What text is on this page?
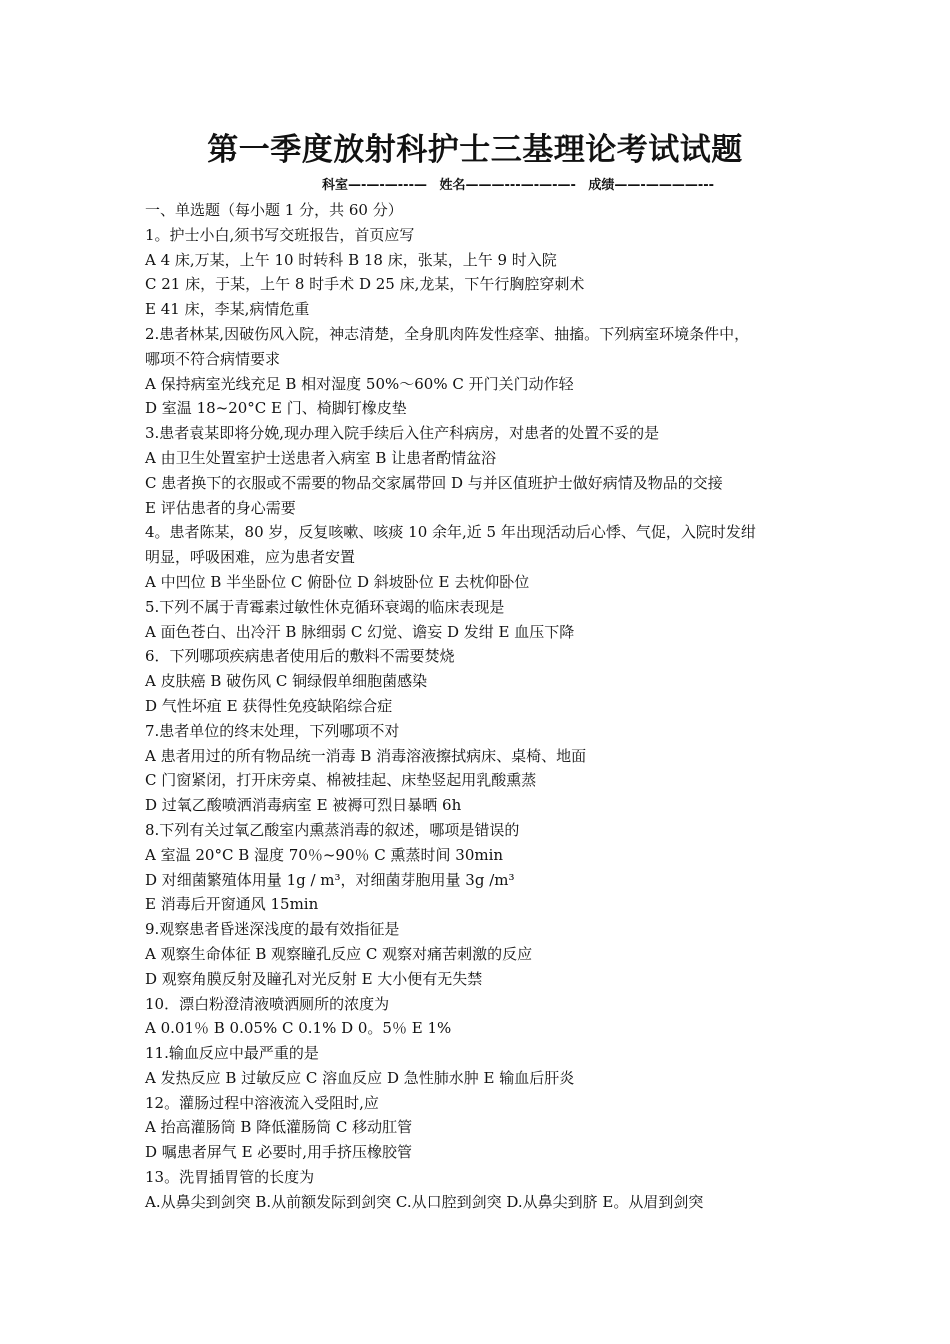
第一季度放射科护士三基理论考试试题
科室—-—-—---— 姓名———---—-—-—- 成绩——-————---
一、单选题（每小题 1 分，共 60 分）
1。护士小白,须书写交班报告，首页应写
A 4 床,万某，上午 10 时转科 B 18 床，张某，上午 9 时入院
C 21 床，于某，上午 8 时手术 D 25 床,龙某，下午行胸腔穿刺术
E 41 床，李某,病情危重
2.患者林某,因破伤风入院，神志清楚，全身肌肉阵发性痉挛、抽搐。下列病室环境条件中，
哪项不符合病情要求
A 保持病室光线充足 B 相对湿度 50%～60% C 开门关门动作轻
D 室温 18~20°C E 门、椅脚钉橡皮垫
3.患者袁某即将分娩,现办理入院手续后入住产科病房，对患者的处置不妥的是
A 由卫生处置室护士送患者入病室 B 让患者酌情盆浴
C 患者换下的衣服或不需要的物品交家属带回 D 与并区值班护士做好病情及物品的交接
E 评估患者的身心需要
4。患者陈某，80 岁，反复咳嗽、咳痰 10 余年,近 5 年出现活动后心悸、气促，入院时发绀
明显，呼吸困难，应为患者安置
A 中凹位 B 半坐卧位 C 俯卧位 D 斜坡卧位 E 去枕仰卧位
5.下列不属于青霉素过敏性休克循环衰竭的临床表现是
A 面色苍白、出冷汗 B 脉细弱 C 幻觉、谵妄 D 发绀 E 血压下降
6．下列哪项疾病患者使用后的敷料不需要焚烧
A 皮肤癌 B 破伤风 C 铜绿假单细胞菌感染
D 气性坏疽 E 获得性免疫缺陷综合症
7.患者单位的终末处理，下列哪项不对
A 患者用过的所有物品统一消毒 B 消毒溶液擦拭病床、桌椅、地面
C 门窗紧闭，打开床旁桌、棉被挂起、床垫竖起用乳酸熏蒸
D 过氧乙酸喷洒消毒病室 E 被褥可烈日暴晒 6h
8.下列有关过氧乙酸室内熏蒸消毒的叙述，哪项是错误的
A 室温 20°C B 湿度 70％~90％ C 熏蒸时间 30min
D 对细菌繁殖体用量 1g / m³，对细菌芽胞用量 3g /m³
E 消毒后开窗通风 15min
9.观察患者昏迷深浅度的最有效指征是
A 观察生命体征 B 观察瞳孔反应 C 观察对痛苦刺激的反应
D 观察角膜反射及瞳孔对光反射 E 大小便有无失禁
10．漂白粉澄清液喷洒厕所的浓度为
A 0.01％ B 0.05% C 0.1% D 0。5％ E 1%
11.输血反应中最严重的是
A 发热反应 B 过敏反应 C 溶血反应 D 急性肺水肿 E 输血后肝炎
12。灌肠过程中溶液流入受阻时,应
A 抬高灌肠筒 B 降低灌肠筒 C 移动肛管
D 嘱患者屏气 E 必要时,用手挤压橡胶管
13。洗胃插胃管的长度为
A.从鼻尖到剑突 B.从前额发际到剑突 C.从口腔到剑突 D.从鼻尖到脐 E。从眉到剑突
